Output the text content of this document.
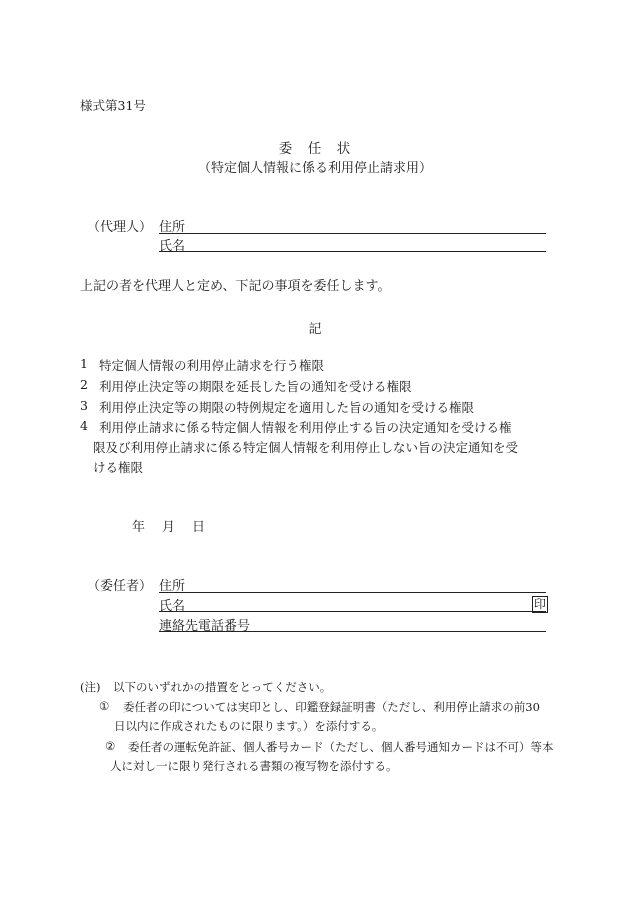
様式第31号
委　任　状
（特定個人情報に係る利用停止請求用）
（代理人） 住所
氏名
上記の者を代理人と定め、下記の事項を委任します。
記
1 特定個人情報の利用停止請求を行う権限
2 利用停止決定等の期限を延長した旨の通知を受ける権限
3 利用停止決定等の期限の特例規定を適用した旨の通知を受ける権限
4 利用停止請求に係る特定個人情報を利用停止する旨の決定通知を受ける権
限及び利用停止請求に係る特定個人情報を利用停止しない旨の決定通知を受
ける権限
年 月 日
（委任者） 住所
氏名	印
連絡先電話番号
(注) 以下のいずれかの措置をとってください。
① 委任者の印については実印とし、印鑑登録証明書（ただし、利用停止請求の前30
日以内に作成されたものに限ります。）を添付する。
② 委任者の運転免許証、個人番号カード（ただし、個人番号通知カードは不可）等本
人に対し一に限り発行される書類の複写物を添付する。
